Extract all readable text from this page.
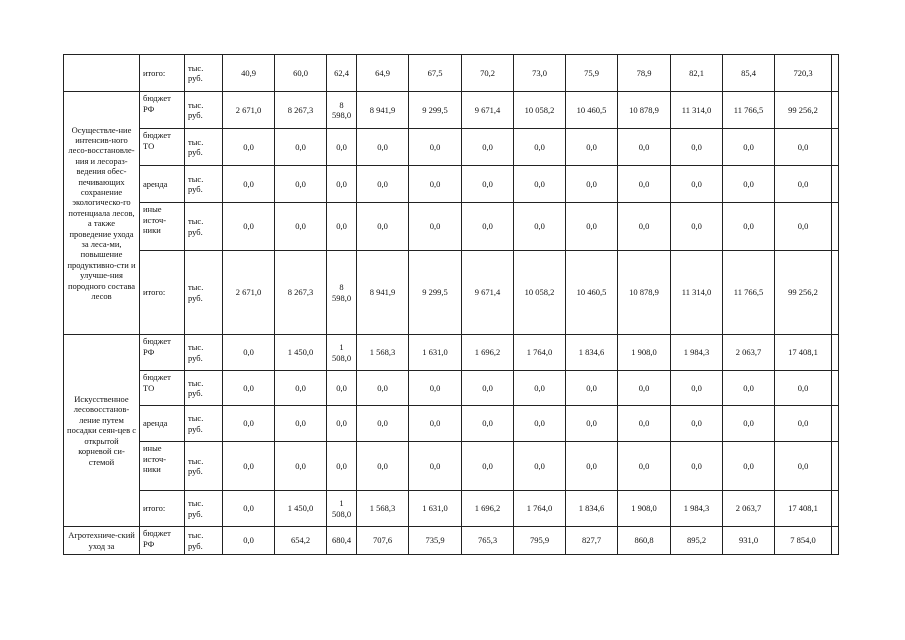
	итого:	тыс. руб.	40,9	60,0	62,4	64,9	67,5	70,2	73,0	75,9	78,9	82,1	85,4	720,3	
Осуществле-ние интенсив-ного лесо-восстановле-ния и лесораз-ведения обес-печивающих сохранение экологическо-го потенциала лесов, а также проведение ухода за леса-ми, повышение продуктивно-сти и улучше-ния породного состава лесов	бюджет РФ	тыс. руб.	2 671,0	8 267,3	8 598,0	8 941,9	9 299,5	9 671,4	10 058,2	10 460,5	10 878,9	11 314,0	11 766,5	99 256,2	
	бюджет ТО	тыс. руб.	0,0	0,0	0,0	0,0	0,0	0,0	0,0	0,0	0,0	0,0	0,0	0,0	
	аренда	тыс. руб.	0,0	0,0	0,0	0,0	0,0	0,0	0,0	0,0	0,0	0,0	0,0	0,0	
	иные источ-ники	тыс. руб.	0,0	0,0	0,0	0,0	0,0	0,0	0,0	0,0	0,0	0,0	0,0	0,0	
	итого:	тыс. руб.	2 671,0	8 267,3	8 598,0	8 941,9	9 299,5	9 671,4	10 058,2	10 460,5	10 878,9	11 314,0	11 766,5	99 256,2	
Искусственное лесовосстанов-ление путем посадки сеян-цев с открытой корневой си-стемой	бюджет РФ	тыс. руб.	0,0	1 450,0	1 508,0	1 568,3	1 631,0	1 696,2	1 764,0	1 834,6	1 908,0	1 984,3	2 063,7	17 408,1	
	бюджет ТО	тыс. руб.	0,0	0,0	0,0	0,0	0,0	0,0	0,0	0,0	0,0	0,0	0,0	0,0	
	аренда	тыс. руб.	0,0	0,0	0,0	0,0	0,0	0,0	0,0	0,0	0,0	0,0	0,0	0,0	
	иные источ-ники	тыс. руб.	0,0	0,0	0,0	0,0	0,0	0,0	0,0	0,0	0,0	0,0	0,0	0,0	
	итого:	тыс. руб.	0,0	1 450,0	1 508,0	1 568,3	1 631,0	1 696,2	1 764,0	1 834,6	1 908,0	1 984,3	2 063,7	17 408,1	
Агротехниче-ский уход за	бюджет РФ	тыс. руб.	0,0	654,2	680,4	707,6	735,9	765,3	795,9	827,7	860,8	895,2	931,0	7 854,0	
